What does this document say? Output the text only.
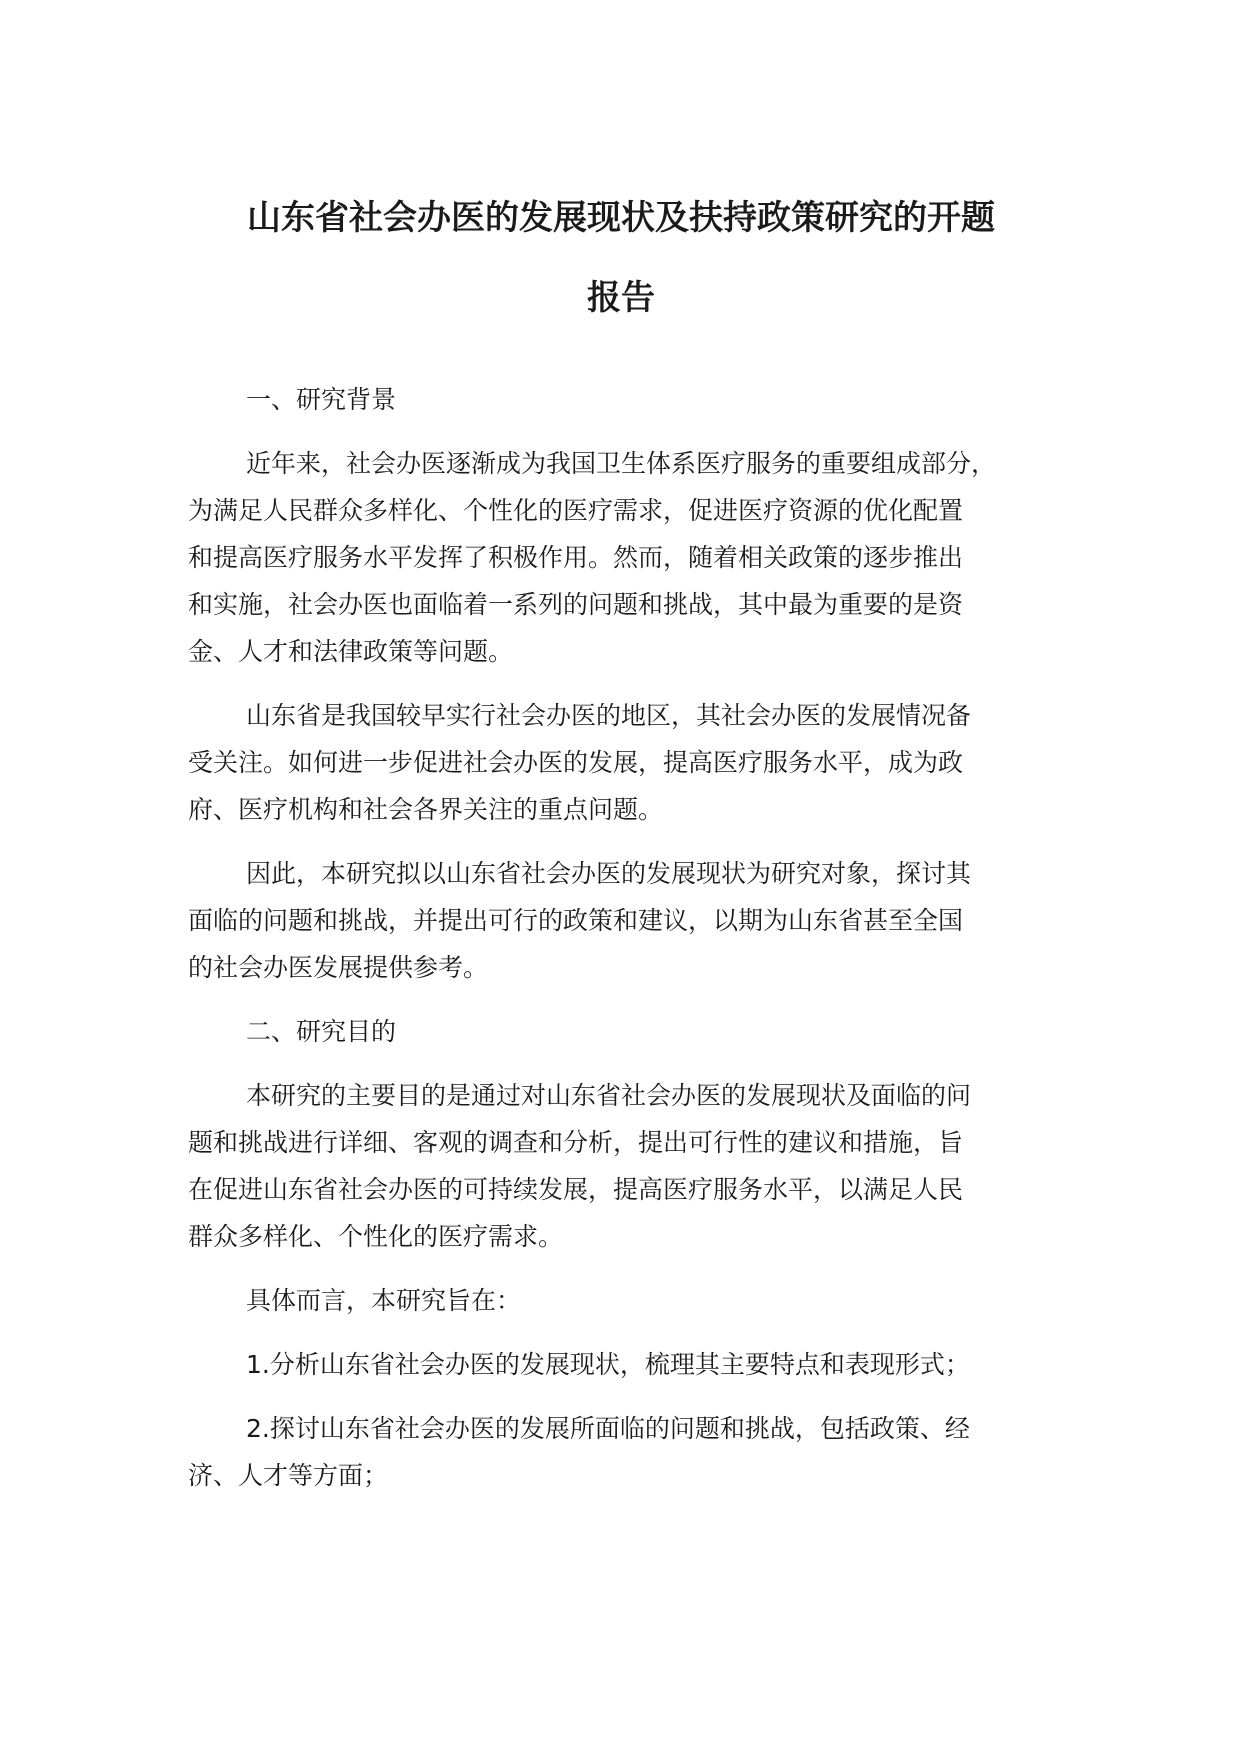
山东省社会办医的发展现状及扶持政策研究的开题
报告

一、研究背景

近年来，社会办医逐渐成为我国卫生体系医疗服务的重要组成部分，
为满足人民群众多样化、个性化的医疗需求，促进医疗资源的优化配置
和提高医疗服务水平发挥了积极作用。然而，随着相关政策的逐步推出
和实施，社会办医也面临着一系列的问题和挑战，其中最为重要的是资
金、人才和法律政策等问题。

山东省是我国较早实行社会办医的地区，其社会办医的发展情况备
受关注。如何进一步促进社会办医的发展，提高医疗服务水平，成为政
府、医疗机构和社会各界关注的重点问题。

因此，本研究拟以山东省社会办医的发展现状为研究对象，探讨其
面临的问题和挑战，并提出可行的政策和建议，以期为山东省甚至全国
的社会办医发展提供参考。

二、研究目的

本研究的主要目的是通过对山东省社会办医的发展现状及面临的问
题和挑战进行详细、客观的调查和分析，提出可行性的建议和措施，旨
在促进山东省社会办医的可持续发展，提高医疗服务水平，以满足人民
群众多样化、个性化的医疗需求。

具体而言，本研究旨在：

1.分析山东省社会办医的发展现状，梳理其主要特点和表现形式；

2.探讨山东省社会办医的发展所面临的问题和挑战，包括政策、经
济、人才等方面；
